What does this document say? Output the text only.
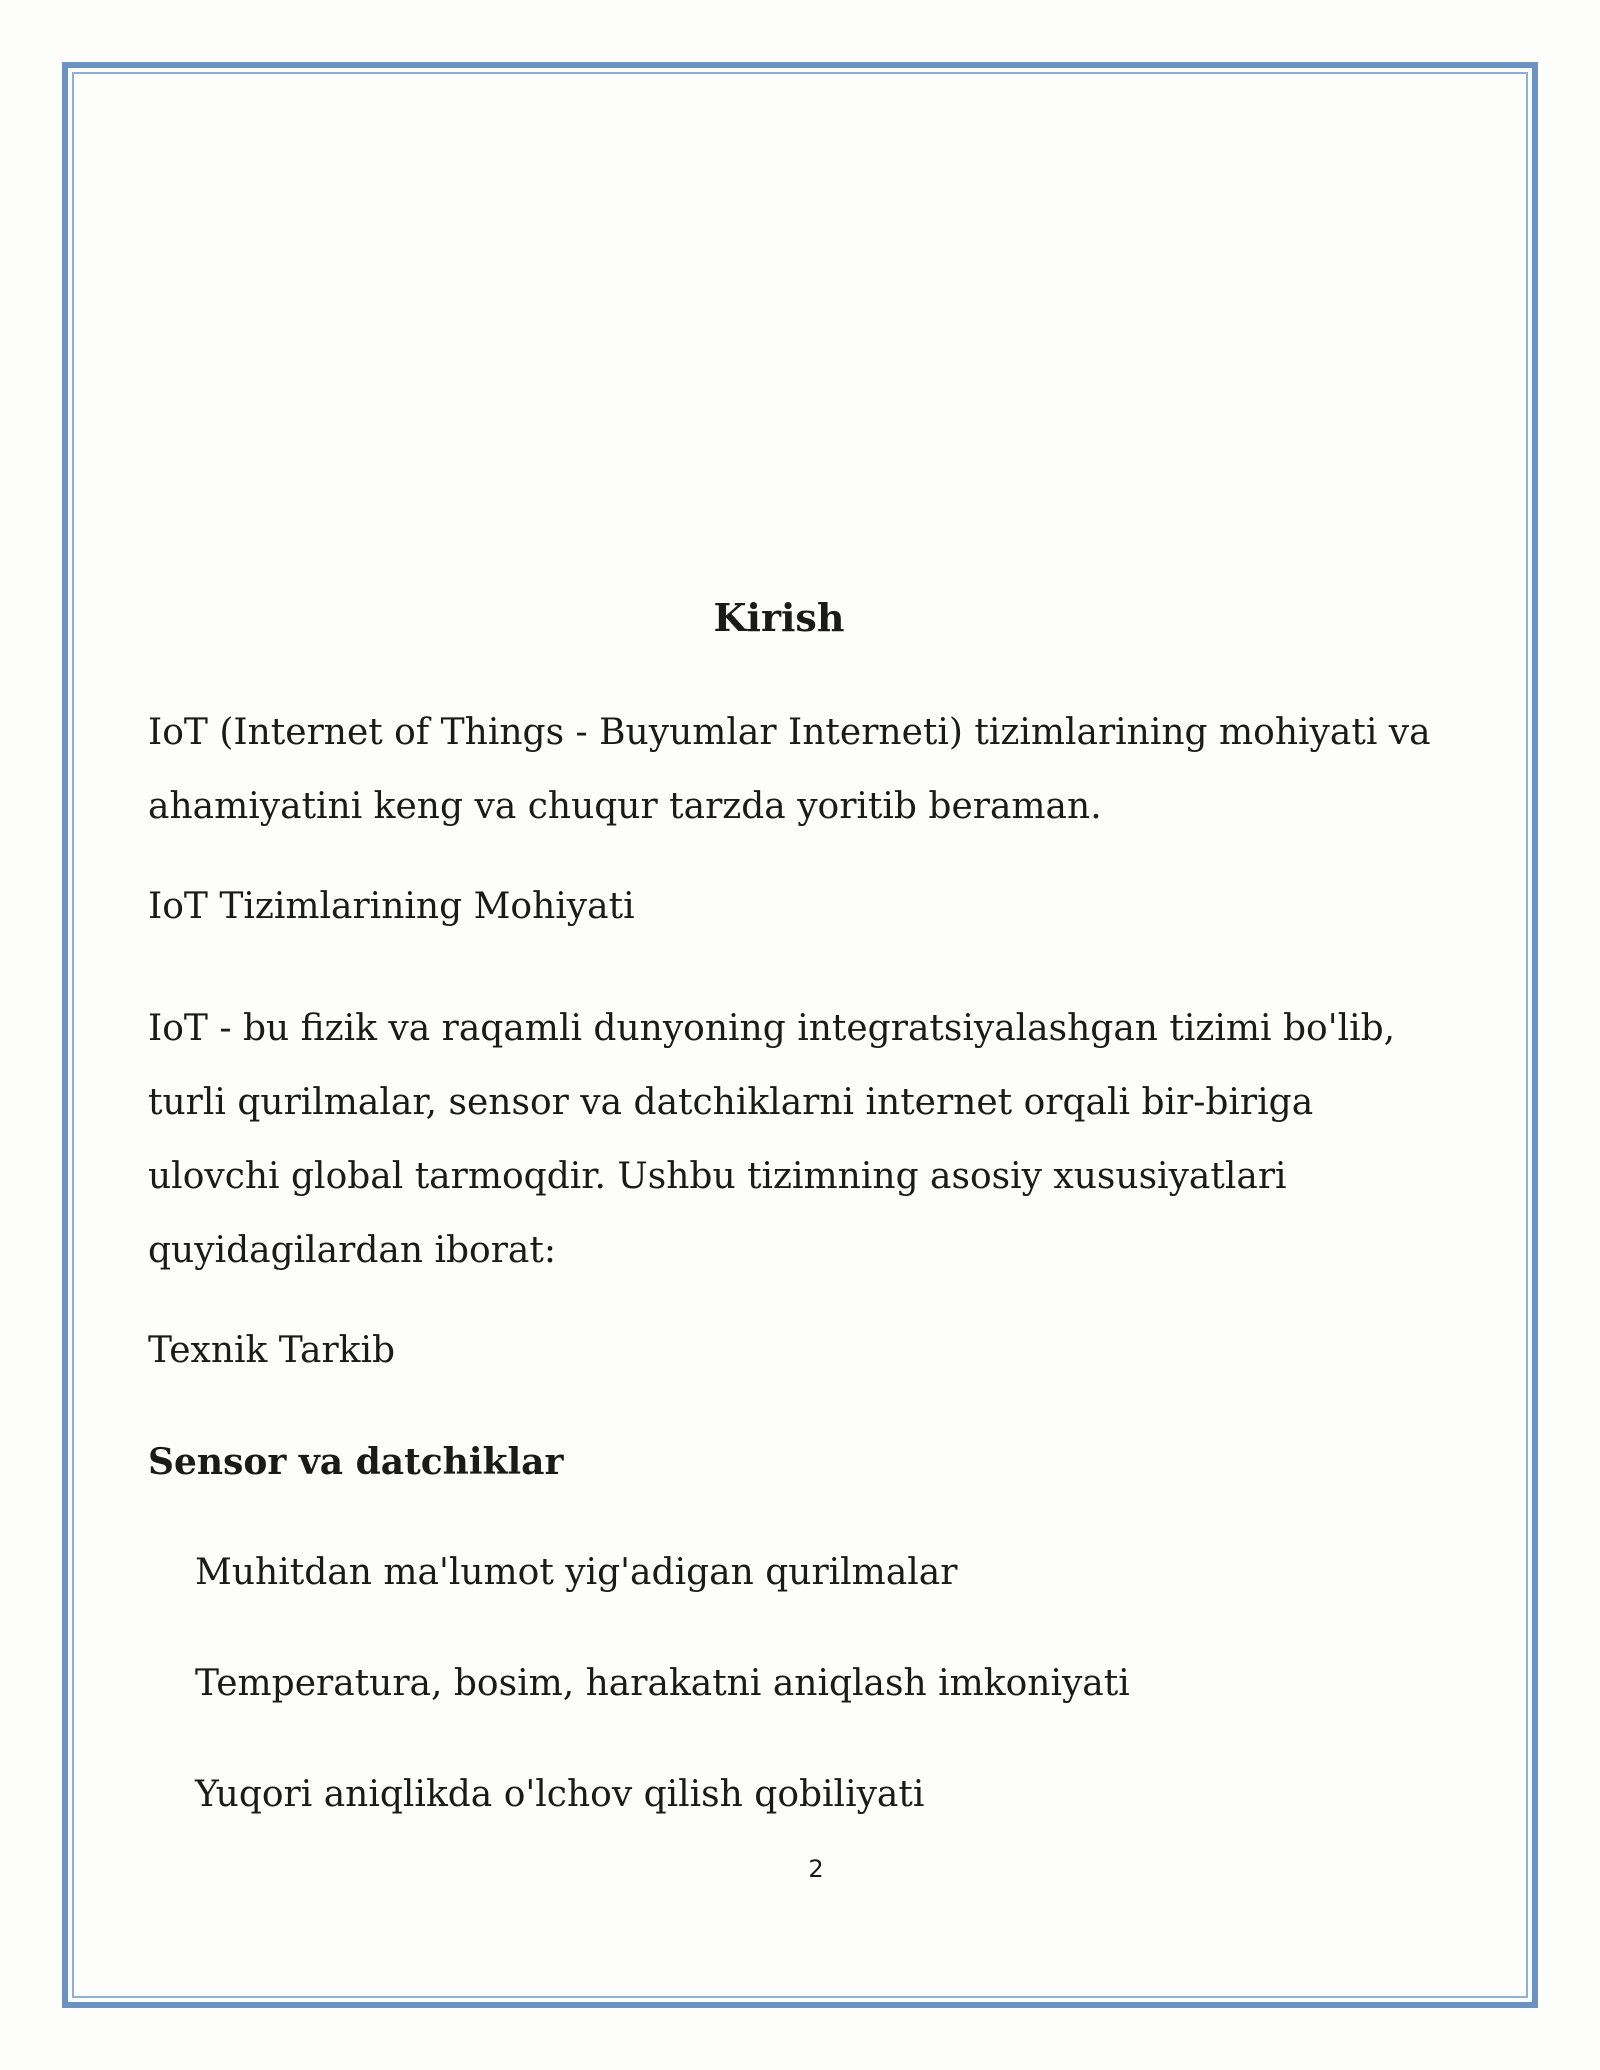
Kirish

IoT (Internet of Things - Buyumlar Interneti) tizimlarining mohiyati va ahamiyatini keng va chuqur tarzda yoritib beraman.

IoT Tizimlarining Mohiyati

IoT - bu fizik va raqamli dunyoning integratsiyalashgan tizimi bo'lib, turli qurilmalar, sensor va datchiklarni internet orqali bir-biriga ulovchi global tarmoqdir. Ushbu tizimning asosiy xususiyatlari quyidagilardan iborat:

Texnik Tarkib

Sensor va datchiklar
Muhitdan ma'lumot yig'adigan qurilmalar
Temperatura, bosim, harakatni aniqlash imkoniyati
Yuqori aniqlikda o'lchov qilish qobiliyati
2
